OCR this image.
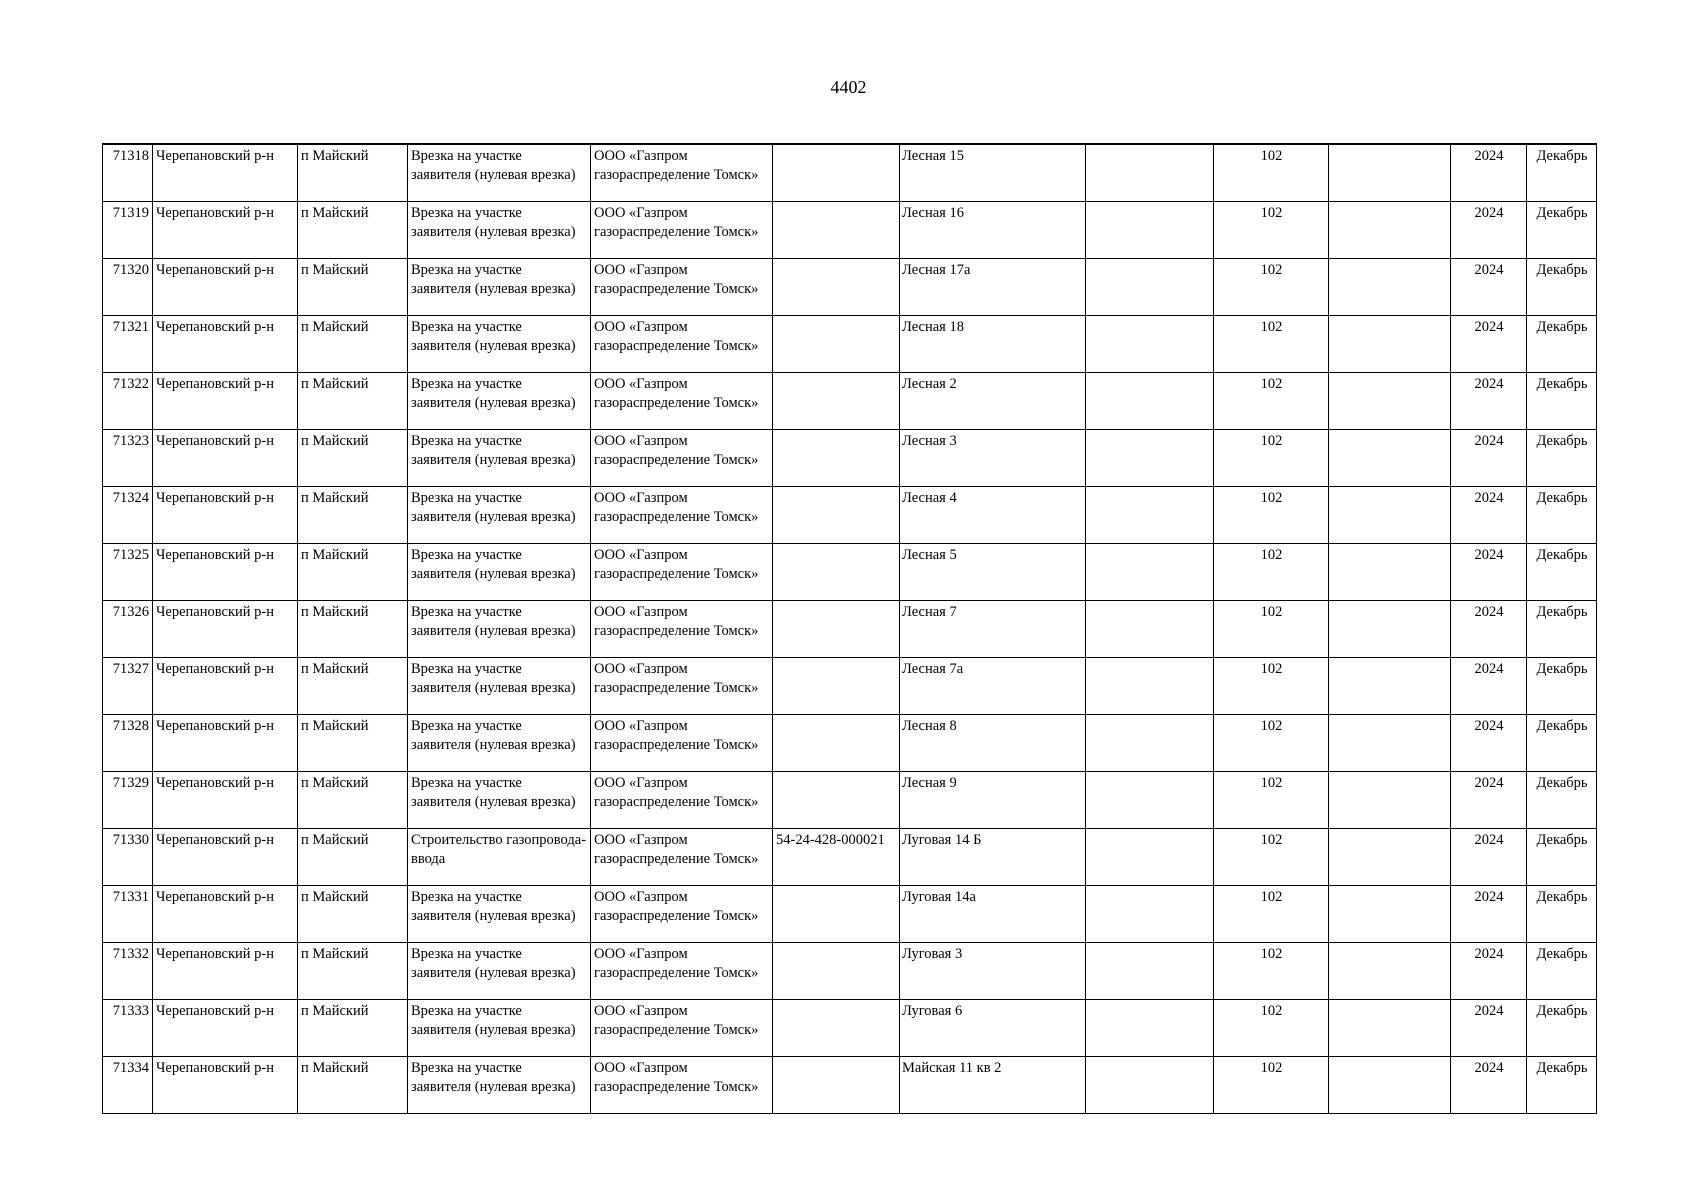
4402
71318	Черепановский р-н	п Майский	Врезка на участке
заявителя (нулевая врезка)	ООО «Газпром
газораспределение Томск»		Лесная 15		102		2024	Декабрь
71319	Черепановский р-н	п Майский	Врезка на участке
заявителя (нулевая врезка)	ООО «Газпром
газораспределение Томск»		Лесная 16		102		2024	Декабрь
71320	Черепановский р-н	п Майский	Врезка на участке
заявителя (нулевая врезка)	ООО «Газпром
газораспределение Томск»		Лесная 17а		102		2024	Декабрь
71321	Черепановский р-н	п Майский	Врезка на участке
заявителя (нулевая врезка)	ООО «Газпром
газораспределение Томск»		Лесная 18		102		2024	Декабрь
71322	Черепановский р-н	п Майский	Врезка на участке
заявителя (нулевая врезка)	ООО «Газпром
газораспределение Томск»		Лесная 2		102		2024	Декабрь
71323	Черепановский р-н	п Майский	Врезка на участке
заявителя (нулевая врезка)	ООО «Газпром
газораспределение Томск»		Лесная 3		102		2024	Декабрь
71324	Черепановский р-н	п Майский	Врезка на участке
заявителя (нулевая врезка)	ООО «Газпром
газораспределение Томск»		Лесная 4		102		2024	Декабрь
71325	Черепановский р-н	п Майский	Врезка на участке
заявителя (нулевая врезка)	ООО «Газпром
газораспределение Томск»		Лесная 5		102		2024	Декабрь
71326	Черепановский р-н	п Майский	Врезка на участке
заявителя (нулевая врезка)	ООО «Газпром
газораспределение Томск»		Лесная 7		102		2024	Декабрь
71327	Черепановский р-н	п Майский	Врезка на участке
заявителя (нулевая врезка)	ООО «Газпром
газораспределение Томск»		Лесная 7а		102		2024	Декабрь
71328	Черепановский р-н	п Майский	Врезка на участке
заявителя (нулевая врезка)	ООО «Газпром
газораспределение Томск»		Лесная 8		102		2024	Декабрь
71329	Черепановский р-н	п Майский	Врезка на участке
заявителя (нулевая врезка)	ООО «Газпром
газораспределение Томск»		Лесная 9		102		2024	Декабрь
71330	Черепановский р-н	п Майский	Строительство газопровода-
ввода	ООО «Газпром
газораспределение Томск»	54-24-428-000021	Луговая 14 Б		102		2024	Декабрь
71331	Черепановский р-н	п Майский	Врезка на участке
заявителя (нулевая врезка)	ООО «Газпром
газораспределение Томск»		Луговая 14а		102		2024	Декабрь
71332	Черепановский р-н	п Майский	Врезка на участке
заявителя (нулевая врезка)	ООО «Газпром
газораспределение Томск»		Луговая 3		102		2024	Декабрь
71333	Черепановский р-н	п Майский	Врезка на участке
заявителя (нулевая врезка)	ООО «Газпром
газораспределение Томск»		Луговая 6		102		2024	Декабрь
71334	Черепановский р-н	п Майский	Врезка на участке
заявителя (нулевая врезка)	ООО «Газпром
газораспределение Томск»		Майская 11 кв 2		102		2024	Декабрь
